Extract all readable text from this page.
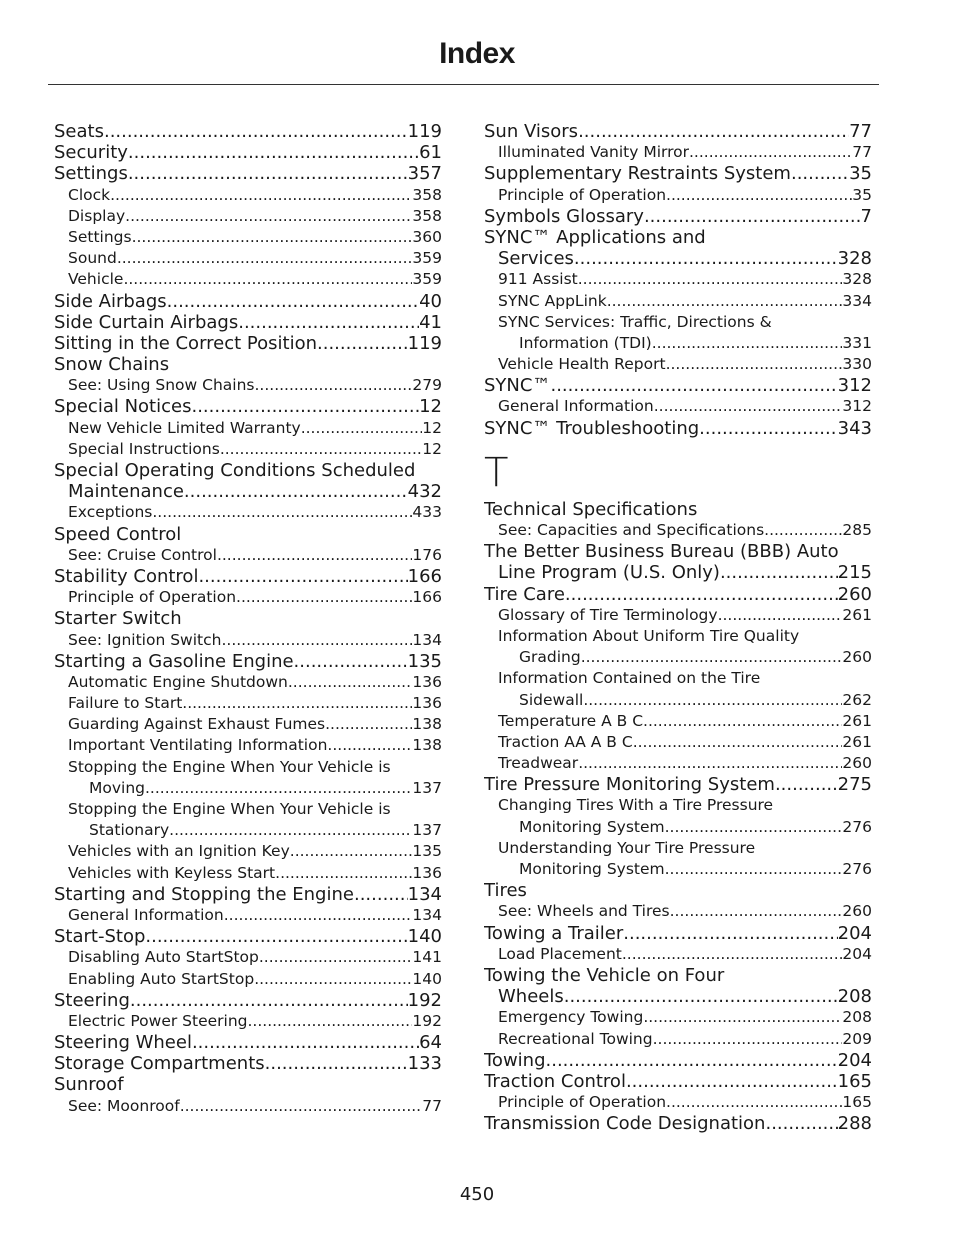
Index
Seats .....	119
Security .....	61
Settings .....	357
Clock .....	358
Display .....	358
Settings .....	360
Sound .....	359
Vehicle .....	359
Side Airbags .....	40
Side Curtain Airbags .....	41
Sitting in the Correct Position .....	119
Snow Chains
See: Using Snow Chains .....	279
Special Notices .....	12
New Vehicle Limited Warranty .....	12
Special Instructions .....	12
Special Operating Conditions Scheduled
Maintenance .....	432
Exceptions .....	433
Speed Control
See: Cruise Control .....	176
Stability Control .....	166
Principle of Operation .....	166
Starter Switch
See: Ignition Switch .....	134
Starting a Gasoline Engine .....	135
Automatic Engine Shutdown .....	136
Failure to Start .....	136
Guarding Against Exhaust Fumes .....	138
Important Ventilating Information .....	138
Stopping the Engine When Your Vehicle is
Moving .....	137
Stopping the Engine When Your Vehicle is
Stationary .....	137
Vehicles with an Ignition Key .....	135
Vehicles with Keyless Start .....	136
Starting and Stopping the Engine .....	134
General Information .....	134
Start-Stop .....	140
Disabling Auto StartStop .....	141
Enabling Auto StartStop .....	140
Steering .....	192
Electric Power Steering .....	192
Steering Wheel .....	64
Storage Compartments .....	133
Sunroof
See: Moonroof .....	77
Sun Visors .....	77
Illuminated Vanity Mirror .....	77
Supplementary Restraints System .....	35
Principle of Operation .....	35
Symbols Glossary .....	7
SYNC™ Applications and
Services .....	328
911 Assist .....	328
SYNC AppLink .....	334
SYNC Services: Traffic, Directions &
Information (TDI) .....	331
Vehicle Health Report .....	330
SYNC™ .....	312
General Information .....	312
SYNC™ Troubleshooting .....	343
T
Technical Specifications
See: Capacities and Specifications .....	285
The Better Business Bureau (BBB) Auto
Line Program (U.S. Only) .....	215
Tire Care .....	260
Glossary of Tire Terminology .....	261
Information About Uniform Tire Quality
Grading .....	260
Information Contained on the Tire
Sidewall .....	262
Temperature A B C .....	261
Traction AA A B C .....	261
Treadwear .....	260
Tire Pressure Monitoring System .....	275
Changing Tires With a Tire Pressure
Monitoring System .....	276
Understanding Your Tire Pressure
Monitoring System .....	276
Tires
See: Wheels and Tires .....	260
Towing a Trailer .....	204
Load Placement .....	204
Towing the Vehicle on Four
Wheels .....	208
Emergency Towing .....	208
Recreational Towing .....	209
Towing .....	204
Traction Control .....	165
Principle of Operation .....	165
Transmission Code Designation .....	288
450
